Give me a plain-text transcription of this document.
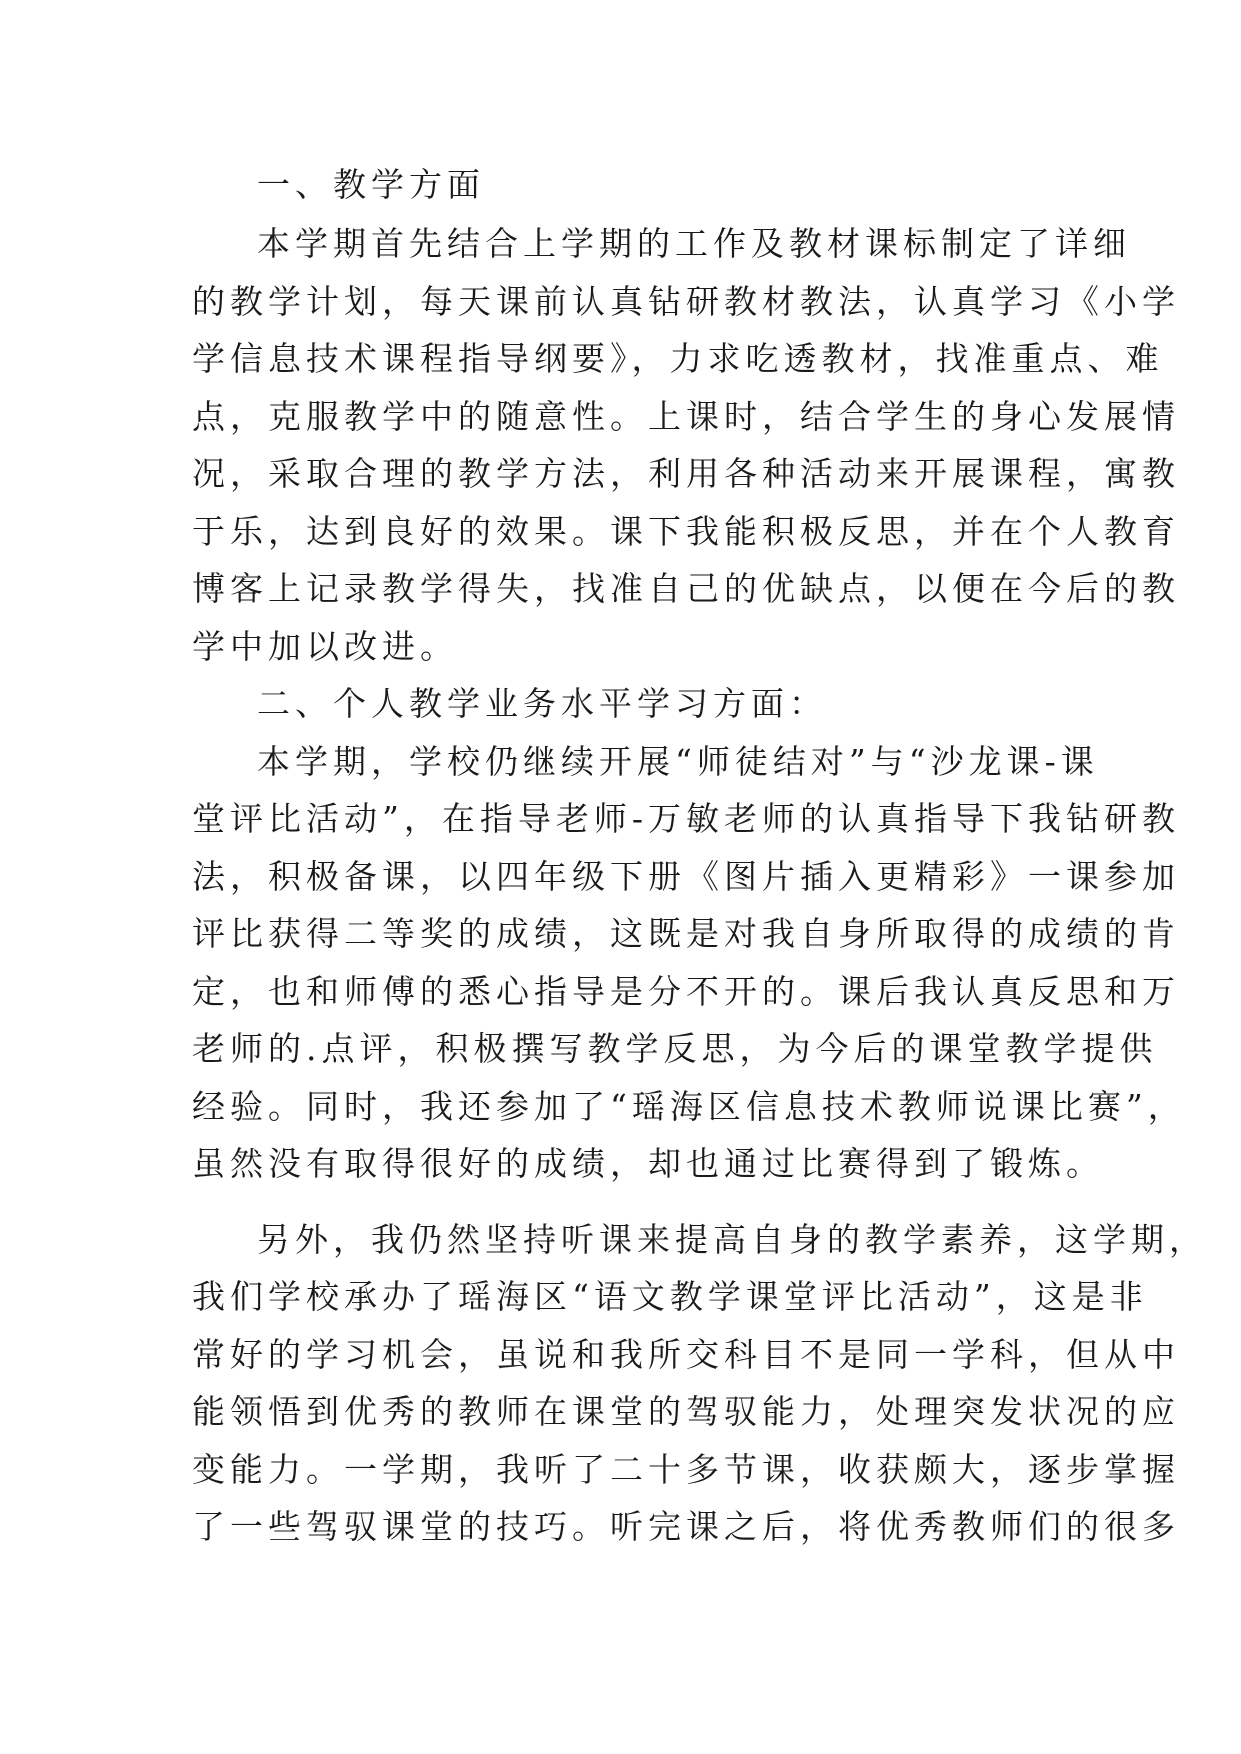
一、教学方面
本学期首先结合上学期的工作及教材课标制定了详细
的教学计划，每天课前认真钻研教材教法，认真学习《小学
学信息技术课程指导纲要》，力求吃透教材，找准重点、难
点，克服教学中的随意性。上课时，结合学生的身心发展情
况，采取合理的教学方法，利用各种活动来开展课程，寓教
于乐，达到良好的效果。课下我能积极反思，并在个人教育
博客上记录教学得失，找准自己的优缺点，以便在今后的教
学中加以改进。
二、个人教学业务水平学习方面：
本学期，学校仍继续开展“师徒结对”与“沙龙课-课
堂评比活动”，在指导老师-万敏老师的认真指导下我钻研教
法，积极备课，以四年级下册《图片插入更精彩》一课参加
评比获得二等奖的成绩，这既是对我自身所取得的成绩的肯
定，也和师傅的悉心指导是分不开的。课后我认真反思和万
老师的.点评，积极撰写教学反思，为今后的课堂教学提供
经验。同时，我还参加了“瑶海区信息技术教师说课比赛”，
虽然没有取得很好的成绩，却也通过比赛得到了锻炼。
另外，我仍然坚持听课来提高自身的教学素养，这学期，
我们学校承办了瑶海区“语文教学课堂评比活动”，这是非
常好的学习机会，虽说和我所交科目不是同一学科，但从中
能领悟到优秀的教师在课堂的驾驭能力，处理突发状况的应
变能力。一学期，我听了二十多节课，收获颇大，逐步掌握
了一些驾驭课堂的技巧。听完课之后，将优秀教师们的很多
